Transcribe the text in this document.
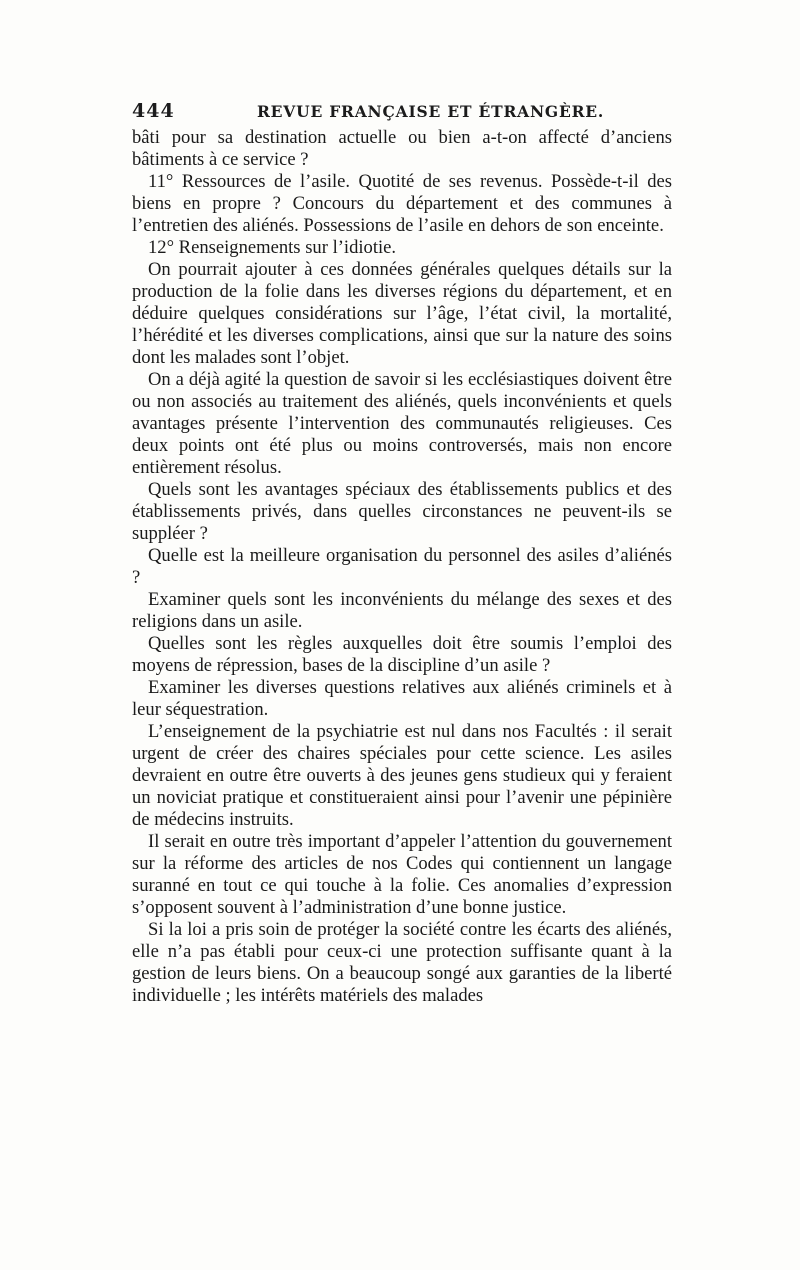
444	REVUE FRANÇAISE ET ÉTRANGÈRE.

bâti pour sa destination actuelle ou bien a-t-on affecté d’anciens bâtiments à ce service ?

11° Ressources de l’asile. Quotité de ses revenus. Possède-t-il des biens en propre ? Concours du département et des communes à l’entretien des aliénés. Possessions de l’asile en dehors de son enceinte.

12° Renseignements sur l’idiotie.

On pourrait ajouter à ces données générales quelques détails sur la production de la folie dans les diverses régions du département, et en déduire quelques considérations sur l’âge, l’état civil, la mortalité, l’hérédité et les diverses complications, ainsi que sur la nature des soins dont les malades sont l’objet.

On a déjà agité la question de savoir si les ecclésiastiques doivent être ou non associés au traitement des aliénés, quels inconvénients et quels avantages présente l’intervention des communautés religieuses. Ces deux points ont été plus ou moins controversés, mais non encore entièrement résolus.

Quels sont les avantages spéciaux des établissements publics et des établissements privés, dans quelles circonstances ne peuvent-ils se suppléer ?

Quelle est la meilleure organisation du personnel des asiles d’aliénés ?

Examiner quels sont les inconvénients du mélange des sexes et des religions dans un asile.

Quelles sont les règles auxquelles doit être soumis l’emploi des moyens de répression, bases de la discipline d’un asile ?

Examiner les diverses questions relatives aux aliénés criminels et à leur séquestration.

L’enseignement de la psychiatrie est nul dans nos Facultés : il serait urgent de créer des chaires spéciales pour cette science. Les asiles devraient en outre être ouverts à des jeunes gens studieux qui y feraient un noviciat pratique et constitueraient ainsi pour l’avenir une pépinière de médecins instruits.

Il serait en outre très important d’appeler l’attention du gouvernement sur la réforme des articles de nos Codes qui contiennent un langage suranné en tout ce qui touche à la folie. Ces anomalies d’expression s’opposent souvent à l’administration d’une bonne justice.

Si la loi a pris soin de protéger la société contre les écarts des aliénés, elle n’a pas établi pour ceux-ci une protection suffisante quant à la gestion de leurs biens. On a beaucoup songé aux garanties de la liberté individuelle ; les intérêts matériels des malades
